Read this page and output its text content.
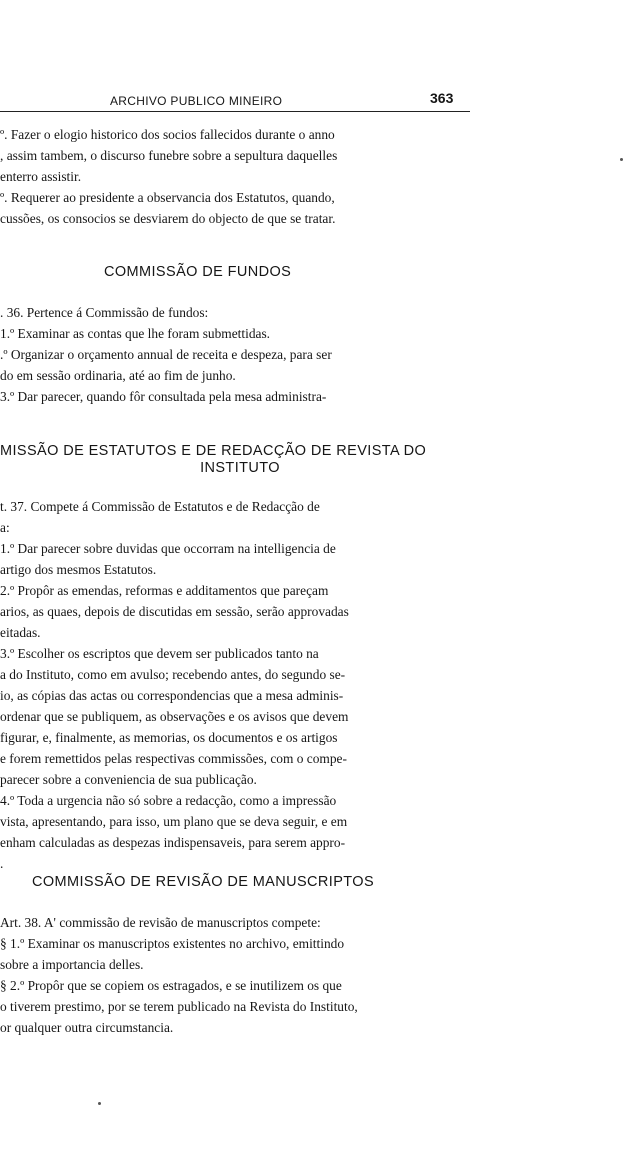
ARCHIVO PUBLICO MINEIRO	363
º. Fazer o elogio historico dos socios fallecidos durante o anno
, assim tambem, o discurso funebre sobre a sepultura daquelles
enterro assistir.
º. Requerer ao presidente a observancia dos Estatutos, quando,
cussões, os consocios se desviarem do objecto de que se tratar.
COMMISSÃO DE FUNDOS
. 36. Pertence á Commissão de fundos:
1.º Examinar as contas que lhe foram submettidas.
.º Organizar o orçamento annual de receita e despeza, para ser
do em sessão ordinaria, até ao fim de junho.
3.º Dar parecer, quando fôr consultada pela mesa administra-
MISSÃO DE ESTATUTOS E DE REDACÇÃO DE REVISTA DO
INSTITUTO
t. 37. Compete á Commissão de Estatutos e de Redacção de
a:
1.º Dar parecer sobre duvidas que occorram na intelligencia de
artigo dos mesmos Estatutos.
2.º Propôr as emendas, reformas e additamentos que pareçam
arios, as quaes, depois de discutidas em sessão, serão approvadas
eitadas.
3.º Escolher os escriptos que devem ser publicados tanto na
a do Instituto, como em avulso; recebendo antes, do segundo se-
io, as cópias das actas ou correspondencias que a mesa adminis-
ordenar que se publiquem, as observações e os avisos que devem
figurar, e, finalmente, as memorias, os documentos e os artigos
e forem remettidos pelas respectivas commissões, com o compe-
parecer sobre a conveniencia de sua publicação.
4.º Toda a urgencia não só sobre a redacção, como a impressão
vista, apresentando, para isso, um plano que se deva seguir, e em
enham calculadas as despezas indispensaveis, para serem appro-
.
COMMISSÃO DE REVISÃO DE MANUSCRIPTOS
Art. 38. A' commissão de revisão de manuscriptos compete:
§ 1.º Examinar os manuscriptos existentes no archivo, emittindo
sobre a importancia delles.
§ 2.º Propôr que se copiem os estragados, e se inutilizem os que
o tiverem prestimo, por se terem publicado na Revista do Instituto,
or qualquer outra circumstancia.
